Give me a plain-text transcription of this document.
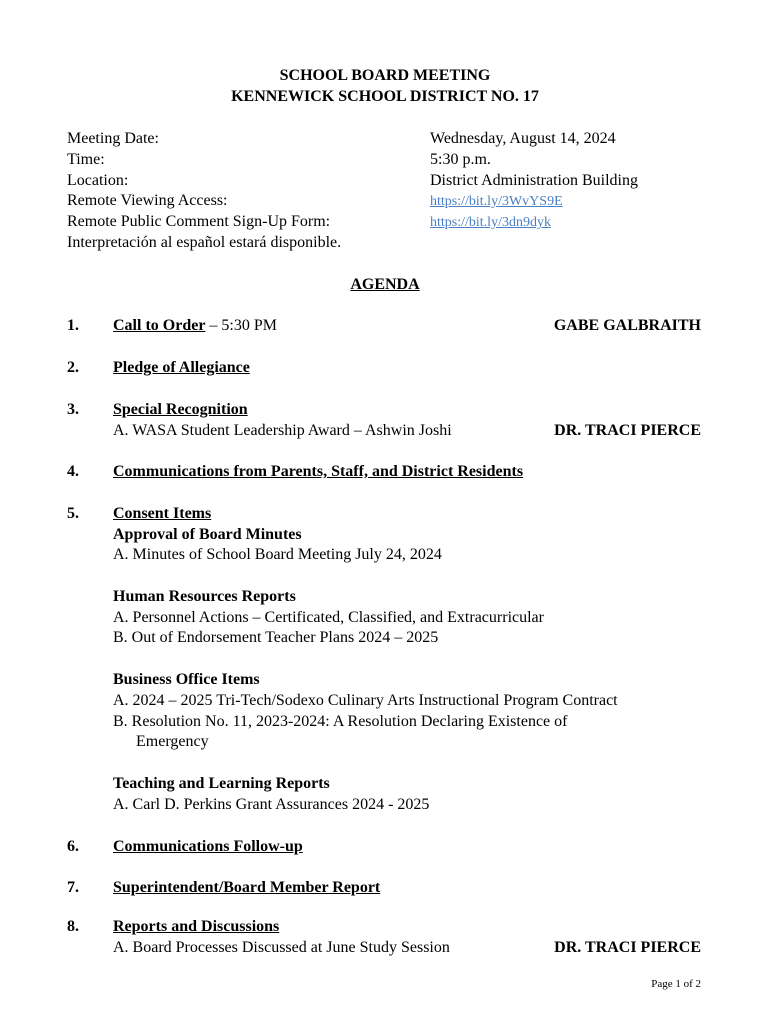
SCHOOL BOARD MEETING
KENNEWICK SCHOOL DISTRICT NO. 17
Meeting Date:	Wednesday, August 14, 2024
Time:	5:30 p.m.
Location:	District Administration Building
Remote Viewing Access:	https://bit.ly/3WvYS9E
Remote Public Comment Sign-Up Form:	https://bit.ly/3dn9dyk
Interpretación al español estará disponible.
AGENDA
1. Call to Order – 5:30 PM	GABE GALBRAITH
2. Pledge of Allegiance
3. Special Recognition
A. WASA Student Leadership Award – Ashwin Joshi	DR. TRACI PIERCE
4. Communications from Parents, Staff, and District Residents
5. Consent Items
Approval of Board Minutes
A. Minutes of School Board Meeting July 24, 2024
Human Resources Reports
A. Personnel Actions – Certificated, Classified, and Extracurricular
B. Out of Endorsement Teacher Plans 2024 – 2025
Business Office Items
A. 2024 – 2025 Tri-Tech/Sodexo Culinary Arts Instructional Program Contract
B. Resolution No. 11, 2023-2024: A Resolution Declaring Existence of
Emergency
Teaching and Learning Reports
A. Carl D. Perkins Grant Assurances 2024 - 2025
6. Communications Follow-up
7. Superintendent/Board Member Report
8. Reports and Discussions
A. Board Processes Discussed at June Study Session	DR. TRACI PIERCE
Page 1 of 2
